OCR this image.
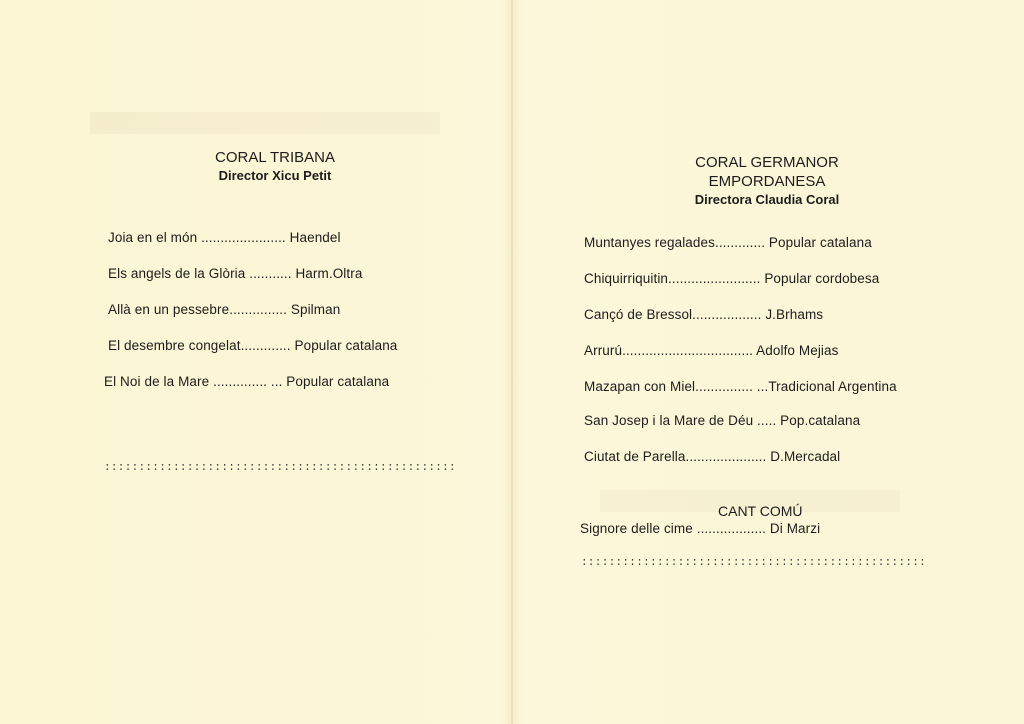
CORAL TRIBANA
Director Xicu Petit
Joia en el món ...................... Haendel
Els angels de la Glòria ........... Harm.Oltra
Allà en un pessebre............... Spilman
El desembre congelat............. Popular catalana
El Noi de la Mare .............. ... Popular catalana
:::::::::::::::::::::::::::::::::::::::::::::::::::
CORAL GERMANOR
EMPORDANESA
Directora Claudia Coral
Muntanyes regalades............. Popular catalana
Chiquirriquitin........................ Popular cordobesa
Cançó de Bressol.................. J.Brhams
Arrurú.................................. Adolfo Mejias
Mazapan con Miel............... ...Tradicional Argentina
San Josep i la Mare de Déu ..... Pop.catalana
Ciutat de Parella..................... D.Mercadal
CANT COMÚ
Signore delle cime .................. Di Marzi
::::::::::::::::::::::::::::::::::::::::::::::::::
